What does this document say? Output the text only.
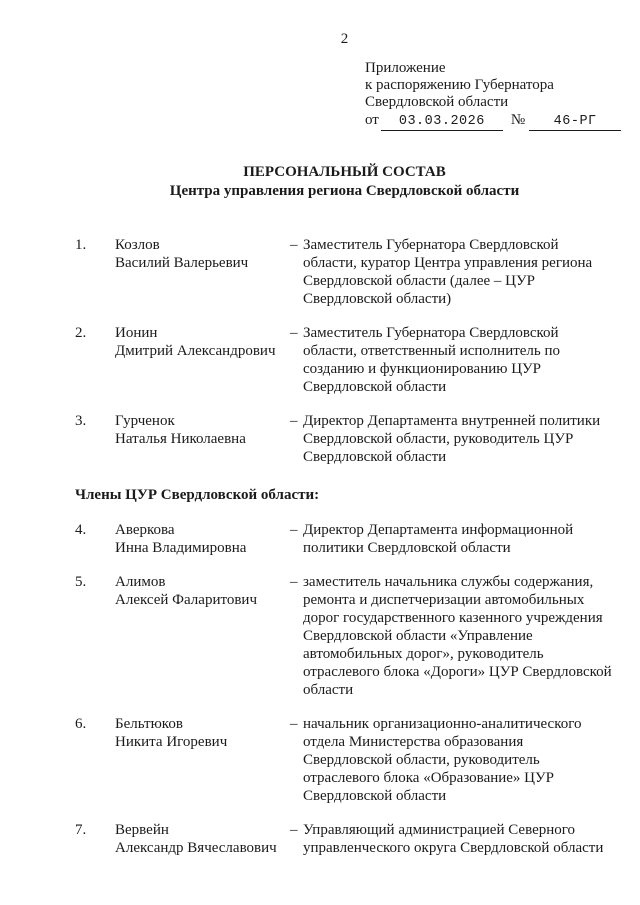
2
Приложение
к распоряжению Губернатора
Свердловской области
от 03.03.2026 № 46-РГ
ПЕРСОНАЛЬНЫЙ СОСТАВ
Центра управления региона Свердловской области
1.	Козлов
Василий Валерьевич
– Заместитель Губернатора Свердловской области, куратор Центра управления региона Свердловской области (далее – ЦУР Свердловской области)
2.	Ионин
Дмитрий Александрович
– Заместитель Губернатора Свердловской области, ответственный исполнитель по созданию и функционированию ЦУР Свердловской области
3.	Гурченок
Наталья Николаевна
– Директор Департамента внутренней политики Свердловской области, руководитель ЦУР Свердловской области
Члены ЦУР Свердловской области:
4.	Аверкова
Инна Владимировна
– Директор Департамента информационной политики Свердловской области
5.	Алимов
Алексей Фаларитович
– заместитель начальника службы содержания, ремонта и диспетчеризации автомобильных дорог государственного казенного учреждения Свердловской области «Управление автомобильных дорог», руководитель отраслевого блока «Дороги» ЦУР Свердловской области
6.	Бельтюков
Никита Игоревич
– начальник организационно-аналитического отдела Министерства образования Свердловской области, руководитель отраслевого блока «Образование» ЦУР Свердловской области
7.	Вервейн
Александр Вячеславович
– Управляющий администрацией Северного управленческого округа Свердловской области
